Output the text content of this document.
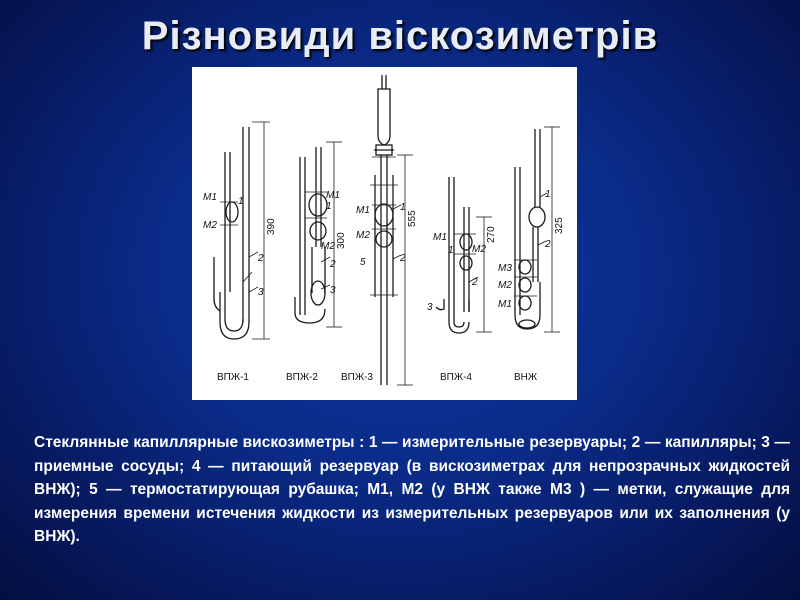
Різновиди віскозиметрів
M1
M2
1
2
3
390
M1
1
M2
2
3
300
M1
M2
5
1
2
555
M1
1 M2
2
3
270
1
2
M3
M2
M1
325
ВПЖ-1	ВПЖ-2 ВПЖ-3	ВПЖ-4	ВНЖ
Стеклянные капиллярные вискозиметры : 1 — измерительные резервуары; 2 — капилляры; 3 — приемные сосуды; 4 — питающий резервуар (в вискозиметрах для непрозрачных жидкостей ВНЖ); 5 — термостатирующая рубашка; M1, M2 (у ВНЖ также M3 ) — метки, служащие для измерения времени истечения жидкости из измерительных резервуаров или их заполнения (у ВНЖ).
